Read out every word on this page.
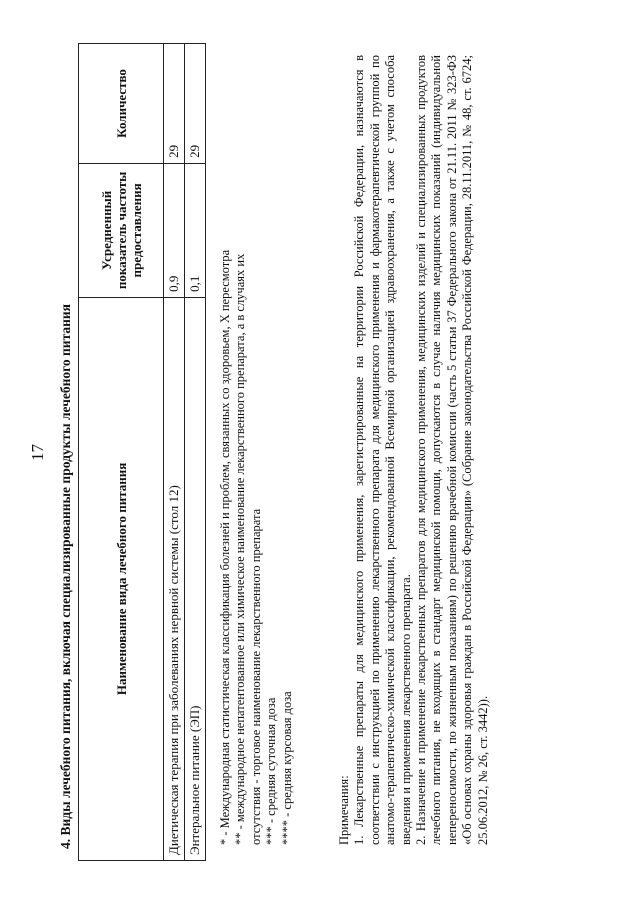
17 4. Виды лечебного питания, включая специализированные продукты лечебного питания	Наименование вида лечебного питания	Усредненный показатель частоты предоставления	Количество
Диетическая терапия при заболеваниях нервной системы (стол 12)	0,9	29
Энтеральное питание (ЭП)	0,1	29
* - Международная статистическая классификация болезней и проблем, связанных со здоровьем, X пересмотра ** - международное непатентованное или химическое наименование лекарственного препарата, а в случаях их отсутствия - торговое наименование лекарственного препарата *** - средняя суточная доза **** - средняя курсовая доза	Примечания: 1. Лекарственные препараты для медицинского применения, зарегистрированные на территории Российской Федерации, назначаются в соответствии с инструкцией по применению лекарственного препарата для медицинского применения и фармакотерапевтической группой по анатомо-терапевтическо-химической классификации, рекомендованной Всемирной организацией здравоохранения, а также с учетом способа введения и применения лекарственного препарата. 2. Назначение и применение лекарственных препаратов для медицинского применения, медицинских изделий и специализированных продуктов лечебного питания, не входящих в стандарт медицинской помощи, допускаются в случае наличия медицинских показаний (индивидуальной непереносимости, по жизненным показаниям) по решению врачебной комиссии (часть 5 статьи 37 Федерального закона от 21.11. 2011 № 323-ФЗ «Об основах охраны здоровья граждан в Российской Федерации» (Собрание законодательства Российской Федерации, 28.11.2011, № 48, ст. 6724; 25.06.2012, № 26, ст. 3442)).
